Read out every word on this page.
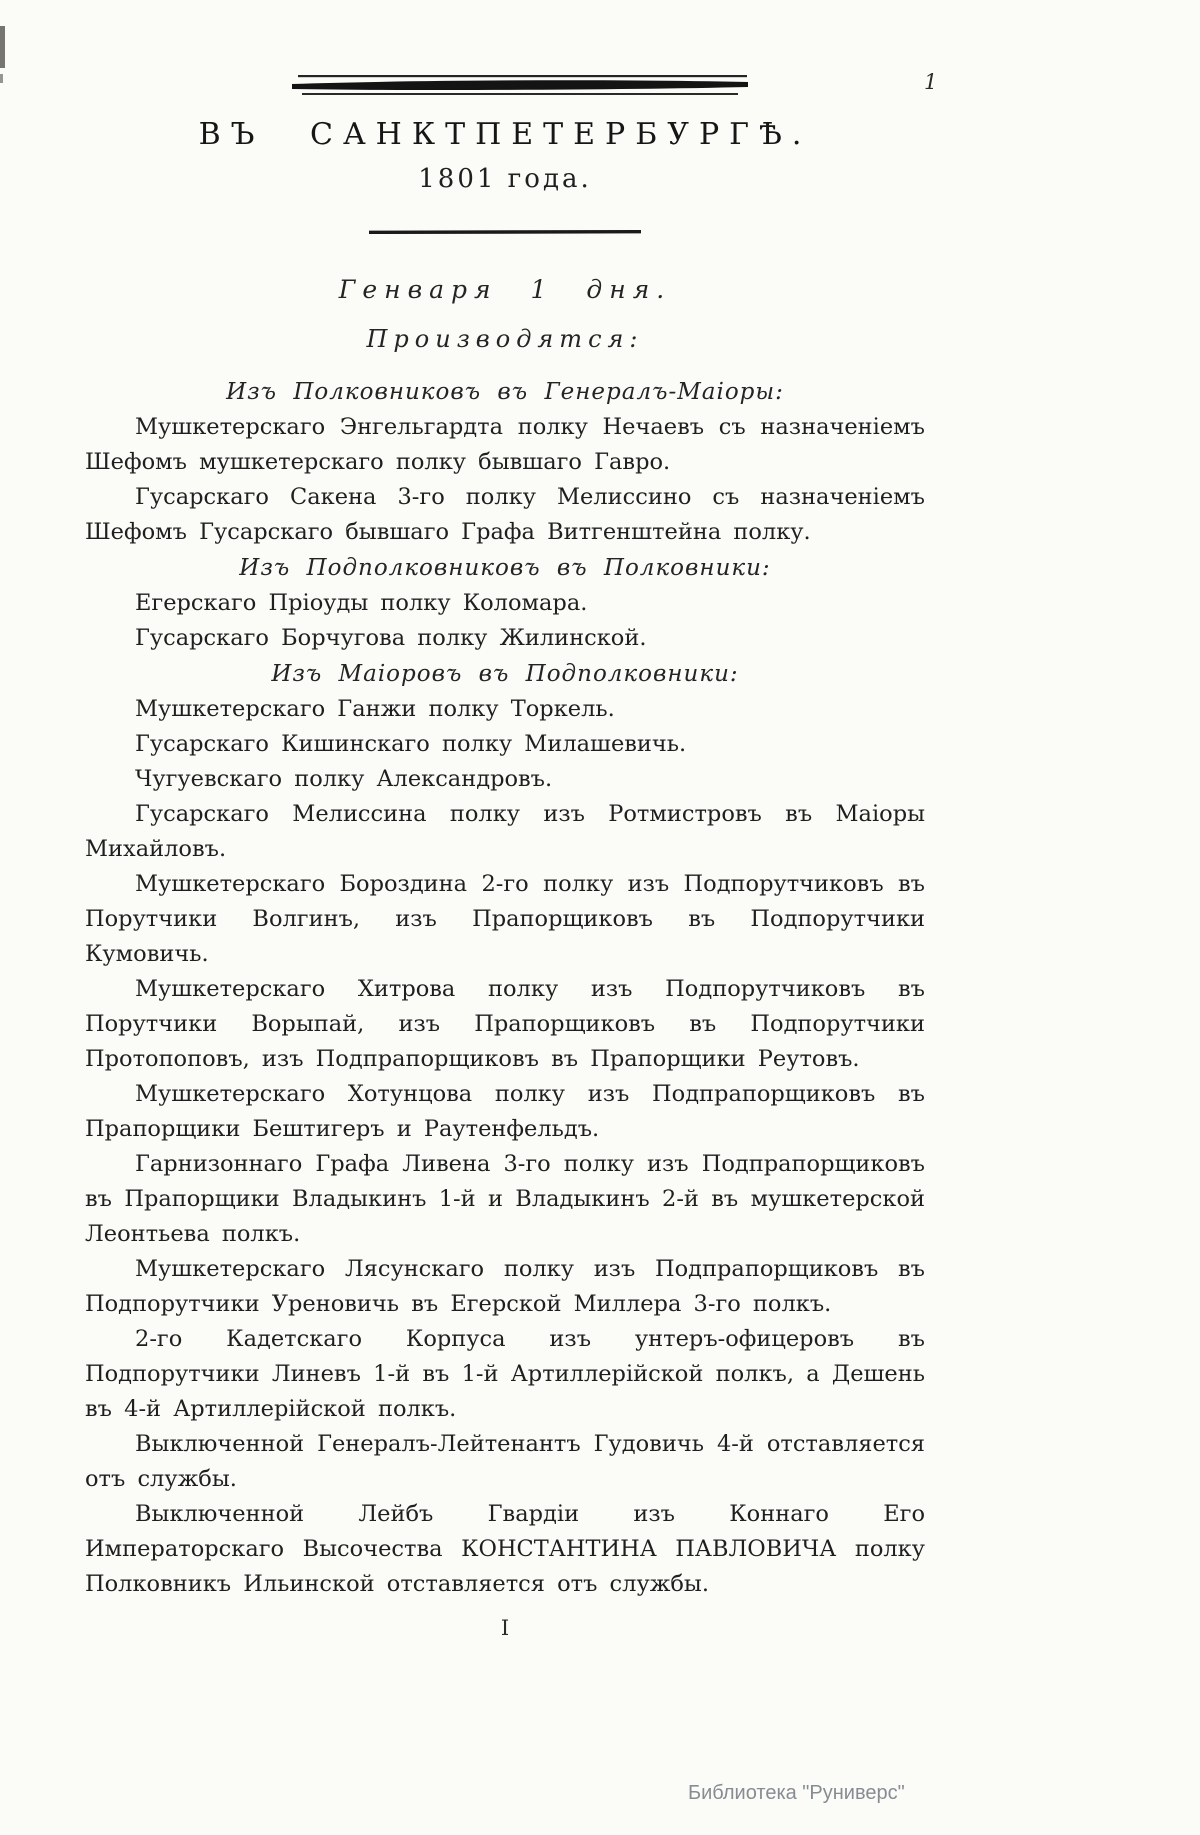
1
ВЪ САНКТПЕТЕРБУРГѢ.
1801 года.
Генваря 1 дня.
Производятся:

Изъ Полковниковъ въ Генералъ-Маіоры:

Мушкетерскаго Энгельгардта полку Нечаевъ съ назначеніемъ Шефомъ мушкетерскаго полку бывшаго Гавро.

Гусарскаго Сакена 3-го полку Мелиссино съ назначеніемъ Шефомъ Гусарскаго бывшаго Графа Витгенштейна полку.

Изъ Подполковниковъ въ Полковники:

Егерскаго Пріоуды полку Коломара.

Гусарскаго Борчугова полку Жилинской.

Изъ Маіоровъ въ Подполковники:

Мушкетерскаго Ганжи полку Торкель.

Гусарскаго Кишинскаго полку Милашевичь.

Чугуевскаго полку Александровъ.

Гусарскаго Мелиссина полку изъ Ротмистровъ въ Маіоры Михайловъ.

Мушкетерскаго Бороздина 2-го полку изъ Подпорутчиковъ въ Порутчики Волгинъ, изъ Прапорщиковъ въ Подпорутчики Кумовичь.

Мушкетерскаго Хитрова полку изъ Подпорутчиковъ въ Порутчики Ворыпай, изъ Прапорщиковъ въ Подпорутчики Протопоповъ, изъ Подпрапорщиковъ въ Прапорщики Реутовъ.

Мушкетерскаго Хотунцова полку изъ Подпрапорщиковъ въ Прапорщики Бештигеръ и Раутенфельдъ.

Гарнизоннаго Графа Ливена 3-го полку изъ Подпрапорщиковъ въ Прапорщики Владыкинъ 1-й и Владыкинъ 2-й въ мушкетерской Леонтьева полкъ.

Мушкетерскаго Лясунскаго полку изъ Подпрапорщиковъ въ Подпорутчики Уреновичь въ Егерской Миллера 3-го полкъ.

2-го Кадетскаго Корпуса изъ унтеръ-офицеровъ въ Подпорутчики Линевъ 1-й въ 1-й Артиллерійской полкъ, а Дешень въ 4-й Артиллерійской полкъ.

Выключенной Генералъ-Лейтенантъ Гудовичь 4-й отставляется отъ службы.

Выключенной Лейбъ Гвардіи изъ Коннаго Его Императорскаго Высочества КОНСТАНТИНА ПАВЛОВИЧА полку Полковникъ Ильинской отставляется отъ службы.

I
Библиотека "Руниверс"
